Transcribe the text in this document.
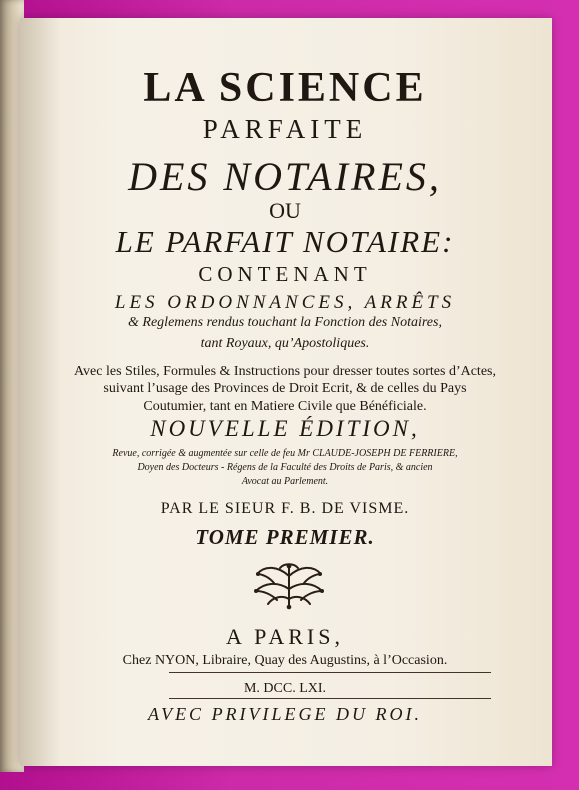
LA SCIENCE
PARFAITE
DES NOTAIRES,
OU
LE PARFAIT NOTAIRE:
CONTENANT
LES ORDONNANCES, ARRÊTS
& Reglemens rendus touchant la Fonction des Notaires,
tant Royaux, qu’Apostoliques.
Avec les Stiles, Formules & Instructions pour dresser toutes sortes d’Actes,
suivant l’usage des Provinces de Droit Ecrit, & de celles du Pays
Coutumier, tant en Matiere Civile que Bénéficiale.
NOUVELLE ÉDITION,
Revue, corrigée & augmentée sur celle de feu Mr CLAUDE-JOSEPH DE FERRIERE,
Doyen des Docteurs - Régens de la Faculté des Droits de Paris, & ancien
Avocat au Parlement.
PAR LE SIEUR F. B. DE VISME.
TOME PREMIER.
A PARIS,
Chez NYON, Libraire, Quay des Augustins, à l’Occasion.
M. DCC. LXI.
AVEC PRIVILEGE DU ROI.
